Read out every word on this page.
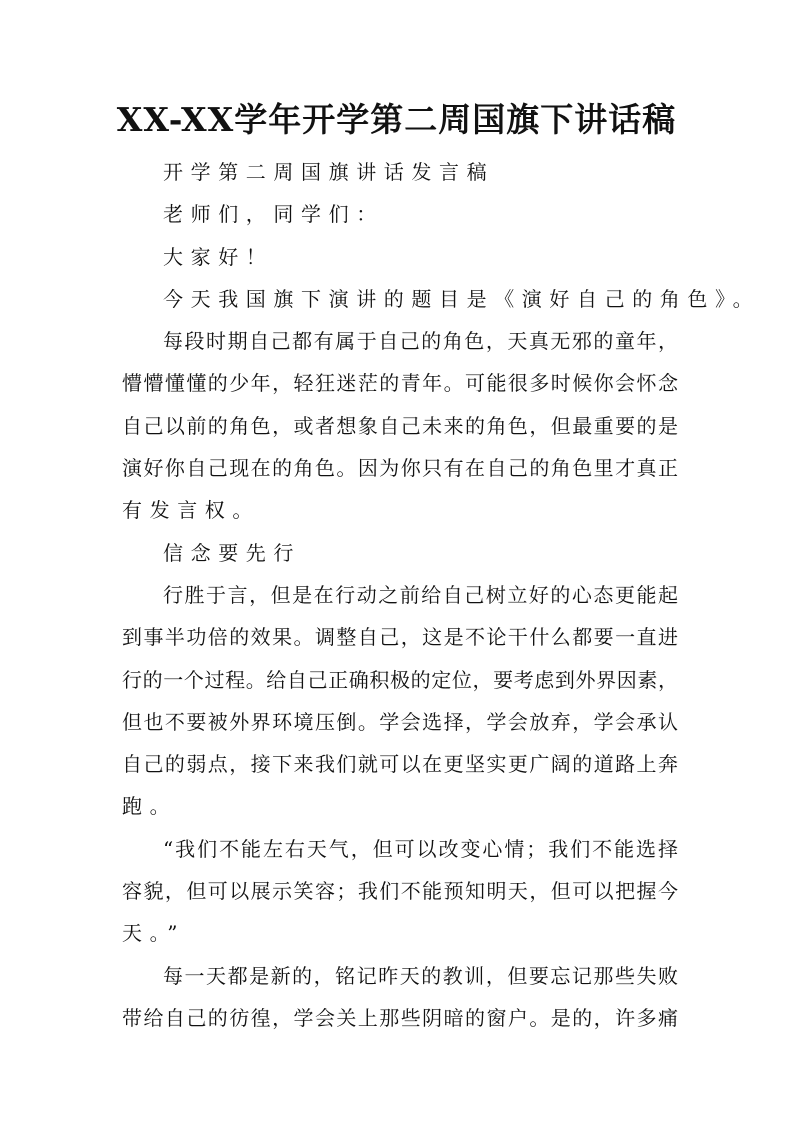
XX-XX学年开学第二周国旗下讲话稿
开学第二周国旗讲话发言稿
老师们，同学们：
大家好！
今天我国旗下演讲的题目是《演好自己的角色》。
每段时期自己都有属于自己的角色，天真无邪的童年，
懵懵懂懂的少年，轻狂迷茫的青年。可能很多时候你会怀念
自己以前的角色，或者想象自己未来的角色，但最重要的是
演好你自己现在的角色。因为你只有在自己的角色里才真正
有发言权。
信念要先行
行胜于言，但是在行动之前给自己树立好的心态更能起
到事半功倍的效果。调整自己，这是不论干什么都要一直进
行的一个过程。给自己正确积极的定位，要考虑到外界因素，
但也不要被外界环境压倒。学会选择，学会放弃，学会承认
自己的弱点，接下来我们就可以在更坚实更广阔的道路上奔
跑。
“我们不能左右天气，但可以改变心情；我们不能选择
容貌，但可以展示笑容；我们不能预知明天，但可以把握今
天。”
每一天都是新的，铭记昨天的教训，但要忘记那些失败
带给自己的彷徨，学会关上那些阴暗的窗户。是的，许多痛
